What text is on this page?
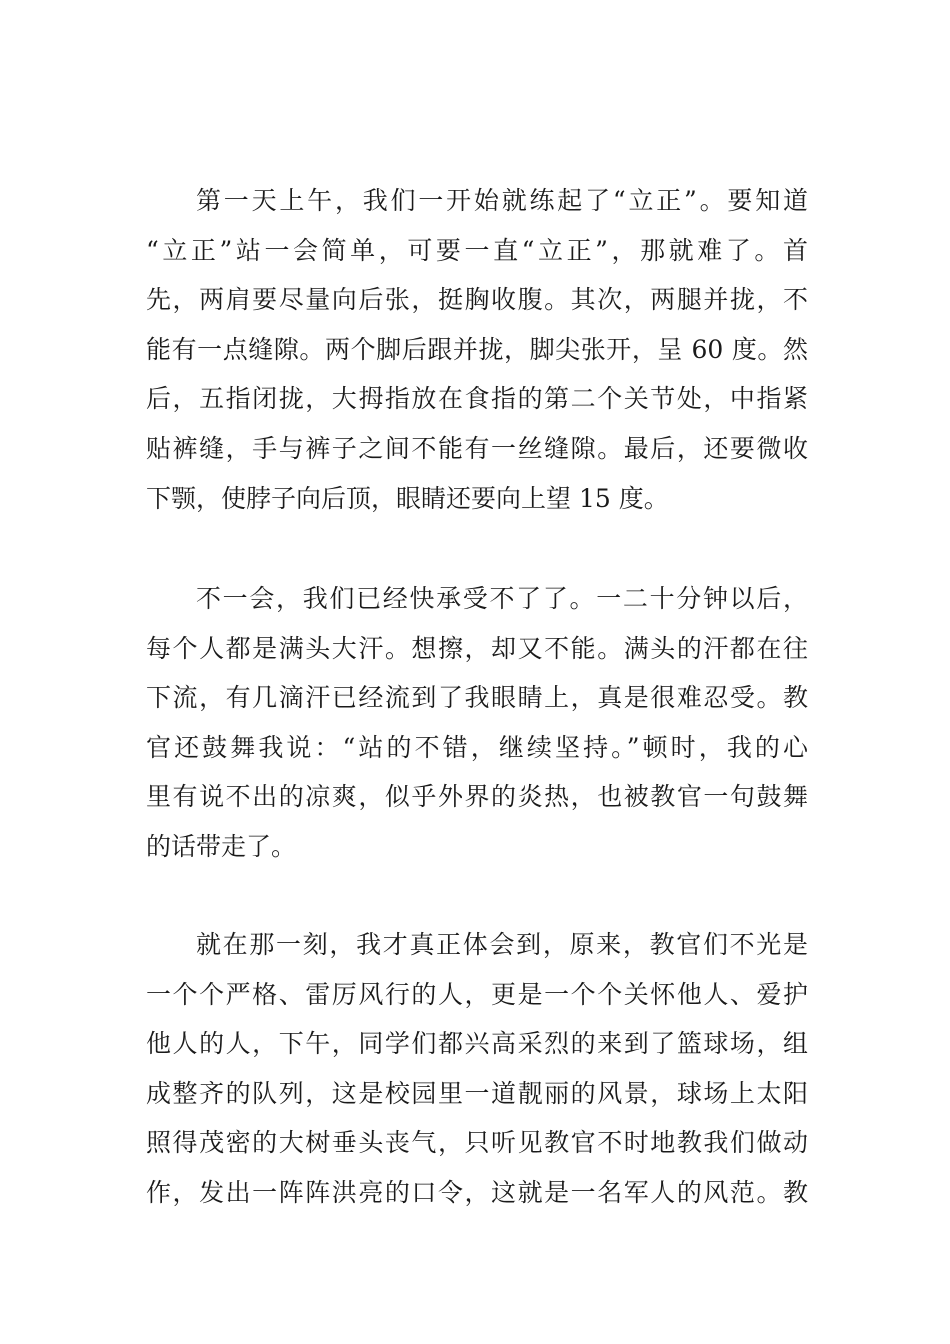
第一天上午，我们一开始就练起了“立正”。要知道
“立正”站一会简单，可要一直“立正”，那就难了。首
先，两肩要尽量向后张，挺胸收腹。其次，两腿并拢，不
能有一点缝隙。两个脚后跟并拢，脚尖张开，呈 60 度。然
后，五指闭拢，大拇指放在食指的第二个关节处，中指紧
贴裤缝，手与裤子之间不能有一丝缝隙。最后，还要微收
下颚，使脖子向后顶，眼睛还要向上望 15 度。
不一会，我们已经快承受不了了。一二十分钟以后，
每个人都是满头大汗。想擦，却又不能。满头的汗都在往
下流，有几滴汗已经流到了我眼睛上，真是很难忍受。教
官还鼓舞我说：“站的不错，继续坚持。”顿时，我的心
里有说不出的凉爽，似乎外界的炎热，也被教官一句鼓舞
的话带走了。
就在那一刻，我才真正体会到，原来，教官们不光是
一个个严格、雷厉风行的人，更是一个个关怀他人、爱护
他人的人，下午，同学们都兴高采烈的来到了篮球场，组
成整齐的队列，这是校园里一道靓丽的风景，球场上太阳
照得茂密的大树垂头丧气，只听见教官不时地教我们做动
作，发出一阵阵洪亮的口令，这就是一名军人的风范。教
